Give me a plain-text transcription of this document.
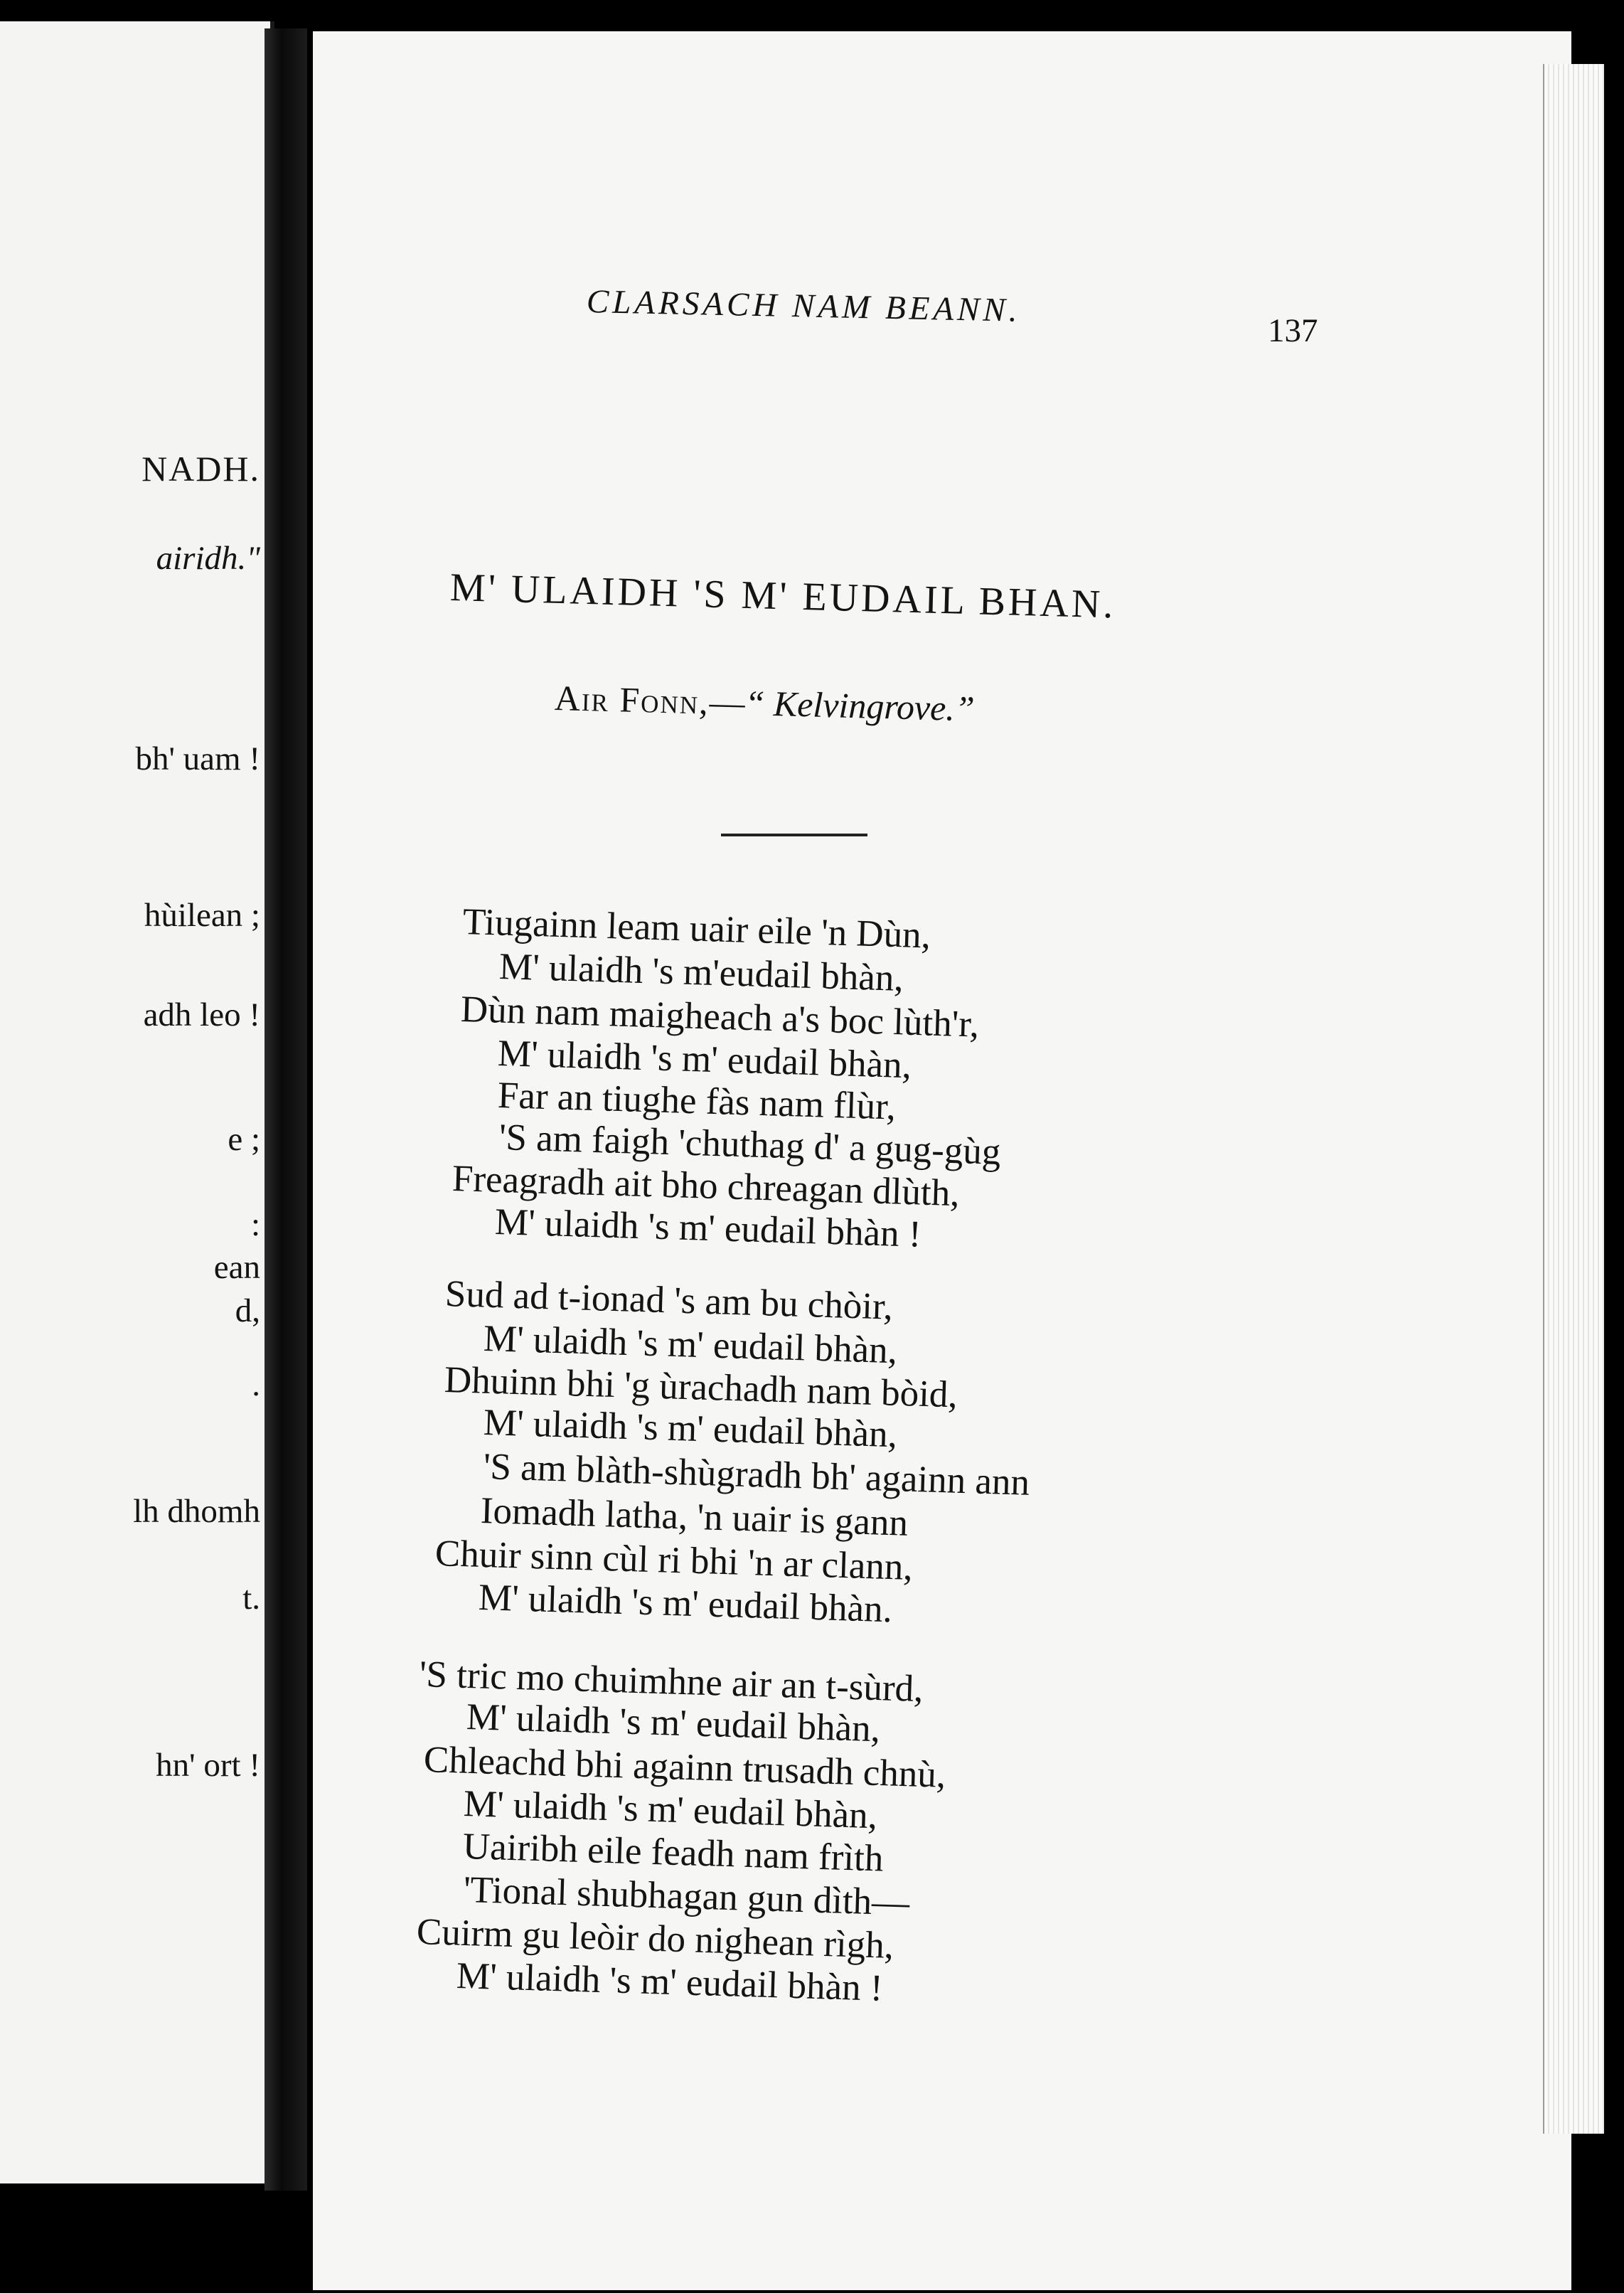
NADH.
airidh."
bh' uam !
hùilean ;
adh leo !
e ;
:
ean
d,
.
lh dhomh
t.
hn' ort !
CLARSACH NAM BEANN.
137
M' ULAIDH 'S M' EUDAIL BHAN.
Air Fonn,—“ Kelvingrove.”
Tiugainn leam uair eile 'n Dùn,
M' ulaidh 's m'eudail bhàn,
Dùn nam maigheach a's boc lùth'r,
M' ulaidh 's m' eudail bhàn,
Far an tiughe fàs nam flùr,
'S am faigh 'chuthag d' a gug-gùg
Freagradh ait bho chreagan dlùth,
M' ulaidh 's m' eudail bhàn !
Sud ad t-ionad 's am bu chòir,
M' ulaidh 's m' eudail bhàn,
Dhuinn bhi 'g ùrachadh nam bòid,
M' ulaidh 's m' eudail bhàn,
'S am blàth-shùgradh bh' againn ann
Iomadh latha, 'n uair is gann
Chuir sinn cùl ri bhi 'n ar clann,
M' ulaidh 's m' eudail bhàn.
'S tric mo chuimhne air an t-sùrd,
M' ulaidh 's m' eudail bhàn,
Chleachd bhi againn trusadh chnù,
M' ulaidh 's m' eudail bhàn,
Uairibh eile feadh nam frìth
'Tional shubhagan gun dìth—
Cuirm gu leòir do nighean rìgh,
M' ulaidh 's m' eudail bhàn !
